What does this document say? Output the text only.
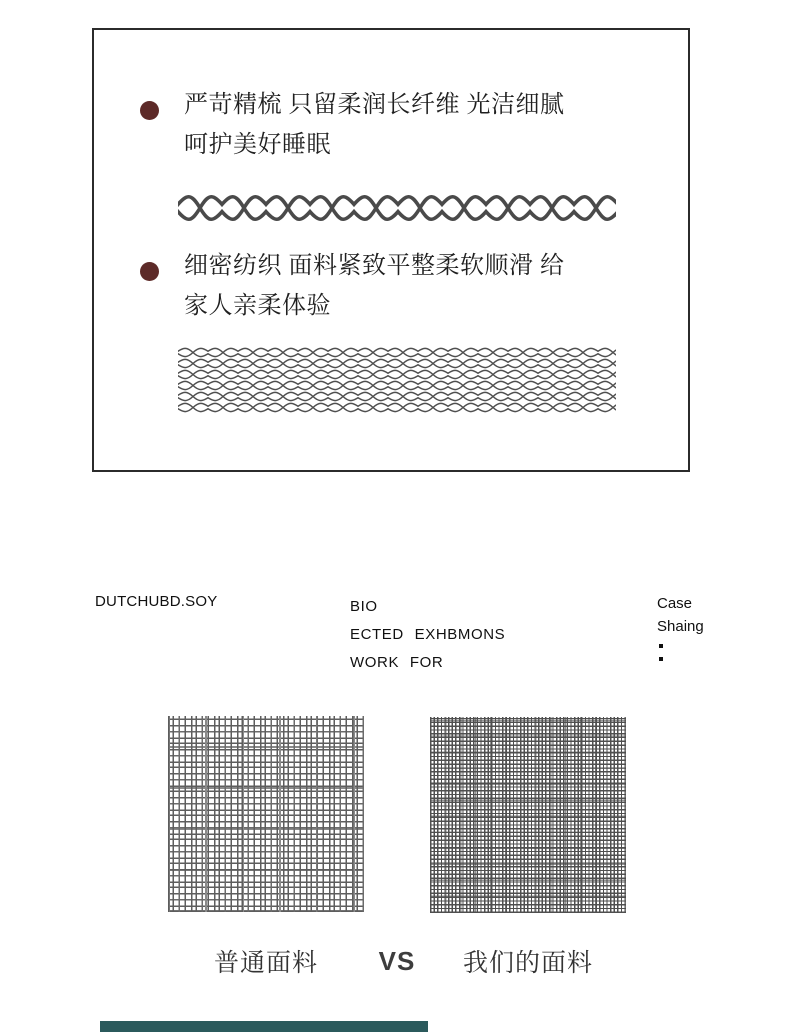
严苛精梳 只留柔润长纤维 光洁细腻
呵护美好睡眠
细密纺织 面料紧致平整柔软顺滑 给
家人亲柔体验
DUTCHUBD.SOY	BIO
ECTED EXHBMONS
WORK FOR
Case
Shaing
普通面料	VS	我们的面料
